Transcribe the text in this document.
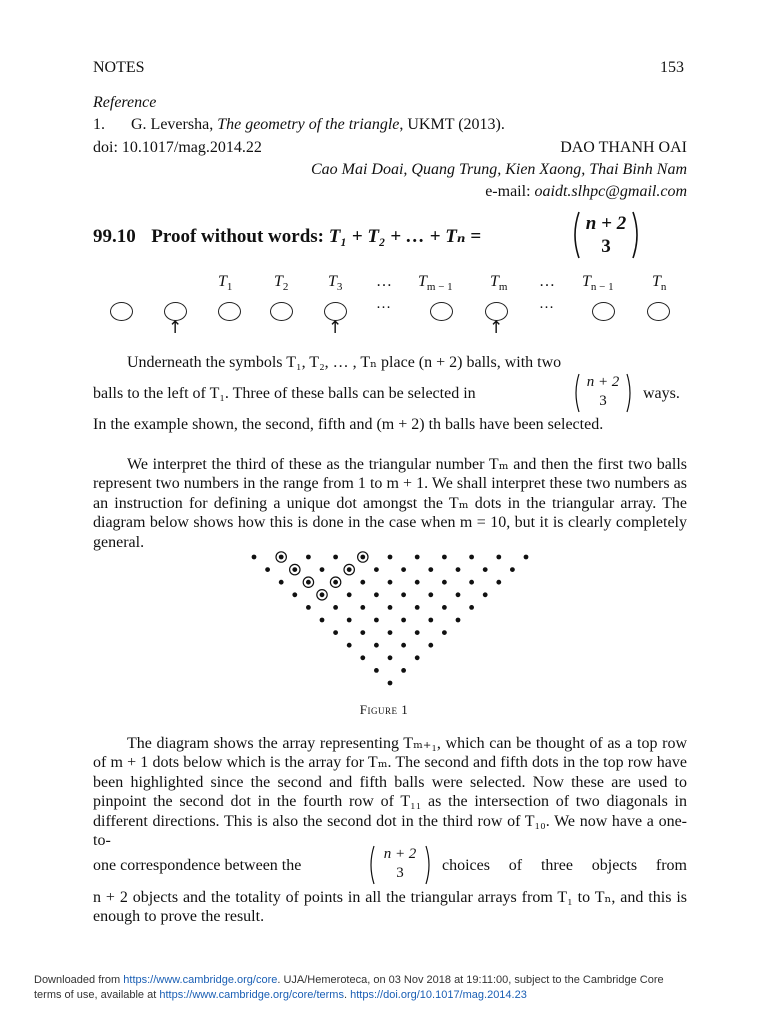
NOTES	153
Reference
1. G. Leversha, The geometry of the triangle, UKMT (2013).
doi: 10.1017/mag.2014.22	DAO THANH OAI
Cao Mai Doai, Quang Trung, Kien Xaong, Thai Binh Nam
e-mail: oaidt.slhpc@gmail.com
99.10 Proof without words: T₁ + T₂ + … + Tₙ =
n + 2
3
$T_1$	$T_2$ $T_3$ … $T_{m - 1}$ $T_m$ … $T_{n - 1}$ $T_n$
…	…
↑	↑	↑

Underneath the symbols T₁, T₂, … , Tₙ place (n + 2) balls, with two

balls to the left of T₁. Three of these balls can be selected in
n + 2
3	ways.
In the example shown, the second, fifth and (m + 2) th balls have been selected.

We interpret the third of these as the triangular number Tₘ and then the first two balls represent two numbers in the range from 1 to m + 1. We shall interpret these two numbers as an instruction for defining a unique dot amongst the Tₘ dots in the triangular array. The diagram below shows how this is done in the case when m = 10, but it is clearly completely general.

Figure 1

The diagram shows the array representing Tₘ₊₁, which can be thought of as a top row of m + 1 dots below which is the array for Tₘ. The second and fifth dots in the top row have been highlighted since the second and fifth balls were selected. Now these are used to pinpoint the second dot in the fourth row of T₁₁ as the intersection of two diagonals in different directions. This is also the second dot in the third row of T₁₀. We now have a one-to-

one correspondence between the
n + 2
3	choices of three objects from
n + 2 objects and the totality of points in all the triangular arrays from T₁ to Tₙ, and this is enough to prove the result.
Downloaded from https://www.cambridge.org/core. UJA/Hemeroteca, on 03 Nov 2018 at 19:11:00, subject to the Cambridge Core
terms of use, available at https://www.cambridge.org/core/terms. https://doi.org/10.1017/mag.2014.23
